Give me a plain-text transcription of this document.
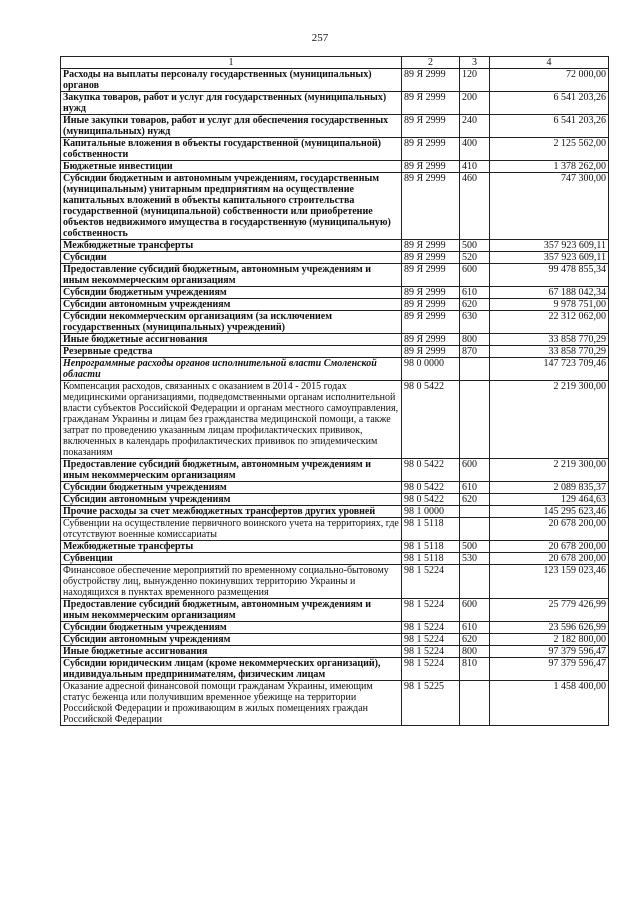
257
1	2	3	4
Расходы на выплаты персоналу государственных (муниципальных) органов	89 Я 2999	120	72 000,00
Закупка товаров, работ и услуг для государственных (муниципальных) нужд	89 Я 2999	200	6 541 203,26
Иные закупки товаров, работ и услуг для обеспечения государственных (муниципальных) нужд	89 Я 2999	240	6 541 203,26
Капитальные вложения в объекты государственной (муниципальной) собственности	89 Я 2999	400	2 125 562,00
Бюджетные инвестиции	89 Я 2999	410	1 378 262,00
Субсидии бюджетным и автономным учреждениям, государственным (муниципальным) унитарным предприятиям на осуществление капитальных вложений в объекты капитального строительства государственной (муниципальной) собственности или приобретение объектов недвижимого имущества в государственную (муниципальную) собственность	89 Я 2999	460	747 300,00
Межбюджетные трансферты	89 Я 2999	500	357 923 609,11
Субсидии	89 Я 2999	520	357 923 609,11
Предоставление субсидий бюджетным, автономным учреждениям и иным некоммерческим организациям	89 Я 2999	600	99 478 855,34
Субсидии бюджетным учреждениям	89 Я 2999	610	67 188 042,34
Субсидии автономным учреждениям	89 Я 2999	620	9 978 751,00
Субсидии некоммерческим организациям (за исключением государственных (муниципальных) учреждений)	89 Я 2999	630	22 312 062,00
Иные бюджетные ассигнования	89 Я 2999	800	33 858 770,29
Резервные средства	89 Я 2999	870	33 858 770,29
Непрограммные расходы органов исполнительной власти Смоленской области	98 0 0000		147 723 709,46
Компенсация расходов, связанных с оказанием в 2014 - 2015 годах медицинскими организациями, подведомственными органам исполнительной власти субъектов Российской Федерации и органам местного самоуправления, гражданам Украины и лицам без гражданства медицинской помощи, а также затрат по проведению указанным лицам профилактических прививок, включенных в календарь профилактических прививок по эпидемическим показаниям	98 0 5422		2 219 300,00
Предоставление субсидий бюджетным, автономным учреждениям и иным некоммерческим организациям	98 0 5422	600	2 219 300,00
Субсидии бюджетным учреждениям	98 0 5422	610	2 089 835,37
Субсидии автономным учреждениям	98 0 5422	620	129 464,63
Прочие расходы за счет межбюджетных трансфертов других уровней	98 1 0000		145 295 623,46
Субвенции на осуществление первичного воинского учета на территориях, где отсутствуют военные комиссариаты	98 1 5118		20 678 200,00
Межбюджетные трансферты	98 1 5118	500	20 678 200,00
Субвенции	98 1 5118	530	20 678 200,00
Финансовое обеспечение мероприятий по временному социально-бытовому обустройству лиц, вынужденно покинувших территорию Украины и находящихся в пунктах временного размещения	98 1 5224		123 159 023,46
Предоставление субсидий бюджетным, автономным учреждениям и иным некоммерческим организациям	98 1 5224	600	25 779 426,99
Субсидии бюджетным учреждениям	98 1 5224	610	23 596 626,99
Субсидии автономным учреждениям	98 1 5224	620	2 182 800,00
Иные бюджетные ассигнования	98 1 5224	800	97 379 596,47
Субсидии юридическим лицам (кроме некоммерческих организаций), индивидуальным предпринимателям, физическим лицам	98 1 5224	810	97 379 596,47
Оказание адресной финансовой помощи гражданам Украины, имеющим статус беженца или получившим временное убежище на территории Российской Федерации и проживающим в жилых помещениях граждан Российской Федерации	98 1 5225		1 458 400,00
